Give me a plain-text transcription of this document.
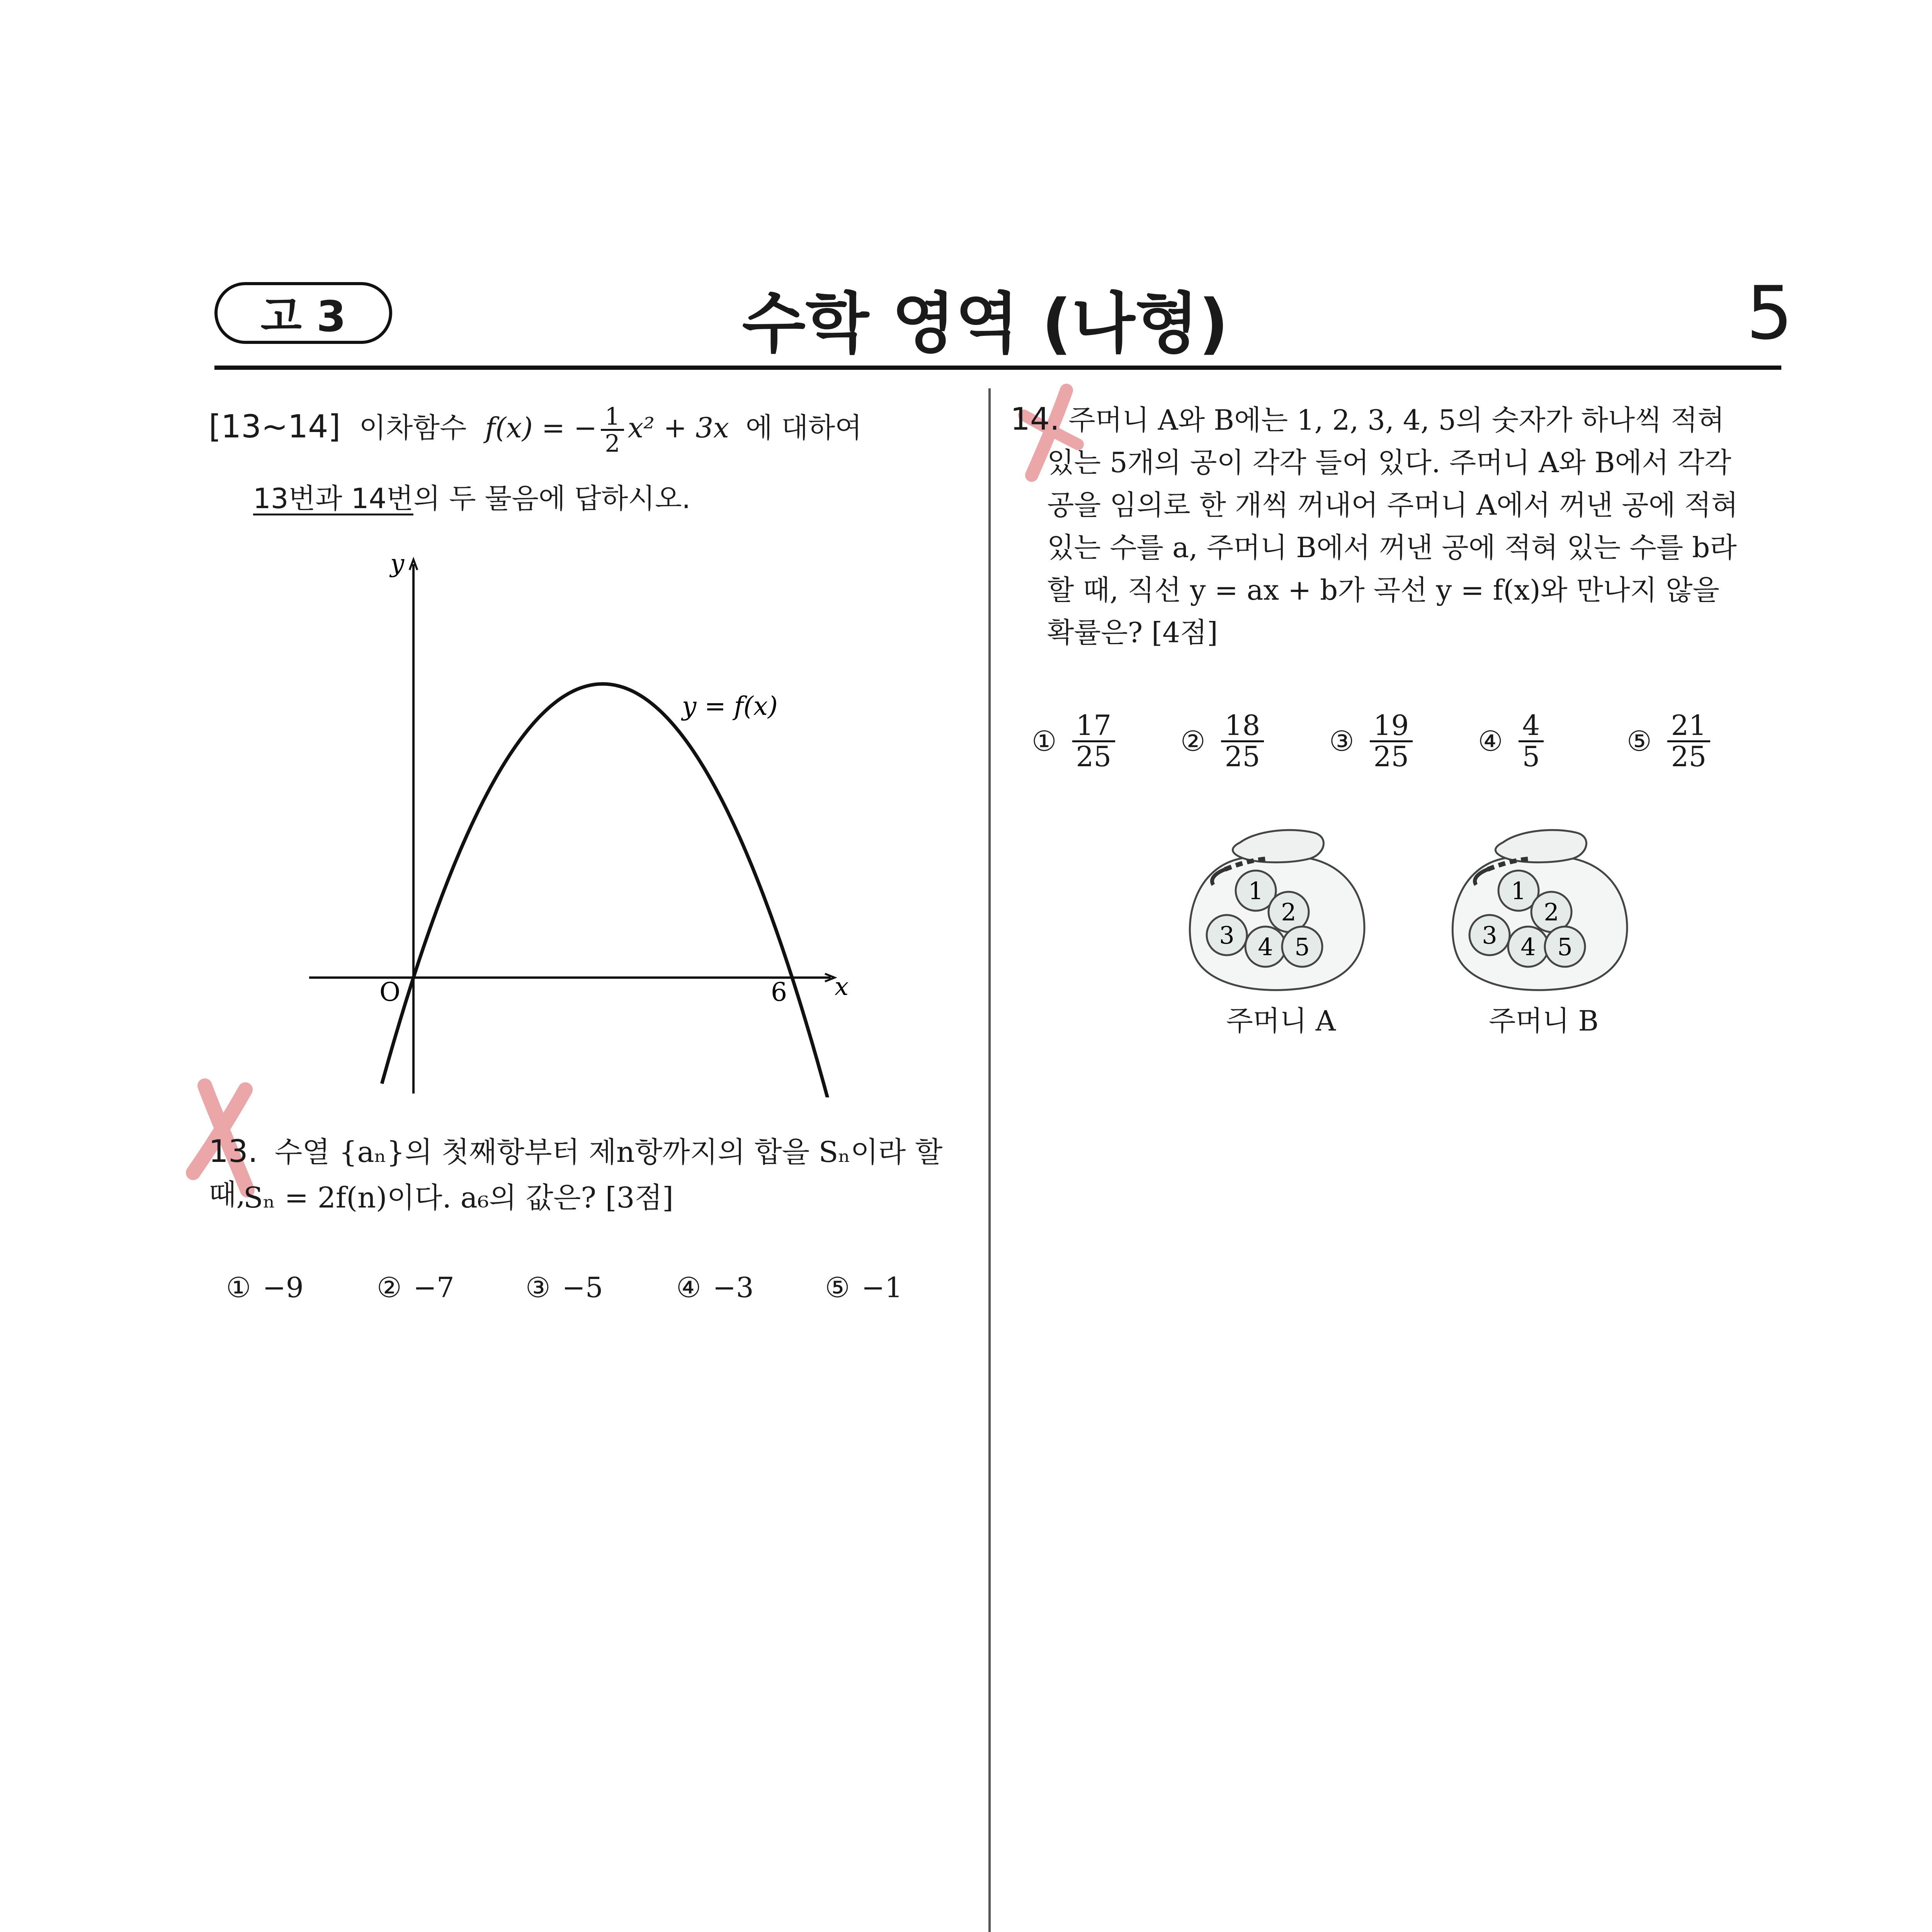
고 3	수학 영역 (나형)	5
[13~14] 이차함수 f(x) = − $\frac{1}{2} x^2 + 3x$ 에 대하여
13번과 14번의 두 물음에 답하시오.
y
x
O	6
y = f(x)
13. 수열 {aₙ}의 첫째항부터 제n항까지의 합을 Sₙ이라 할 때,
Sₙ = 2f(n)이다. a₆의 값은? [3점]
① −9	② −7	③ −5	④ −3	⑤ −1
14. 주머니 A와 B에는 1, 2, 3, 4, 5의 숫자가 하나씩 적혀
있는 5개의 공이 각각 들어 있다. 주머니 A와 B에서 각각
공을 임의로 한 개씩 꺼내어 주머니 A에서 꺼낸 공에 적혀
있는 수를 a, 주머니 B에서 꺼낸 공에 적혀 있는 수를 b라
할 때, 직선 y = ax + b가 곡선 y = f(x)와 만나지 않을
확률은? [4점]
① $\frac{17}{25}$ ② $\frac{18}{25}$ ③ $\frac{19}{25}$ ④ $\frac{4}{5}$	⑤ $\frac{21}{25}$
1
2
3 4 5
주머니 A
1
2
3 4 5
주머니 B
